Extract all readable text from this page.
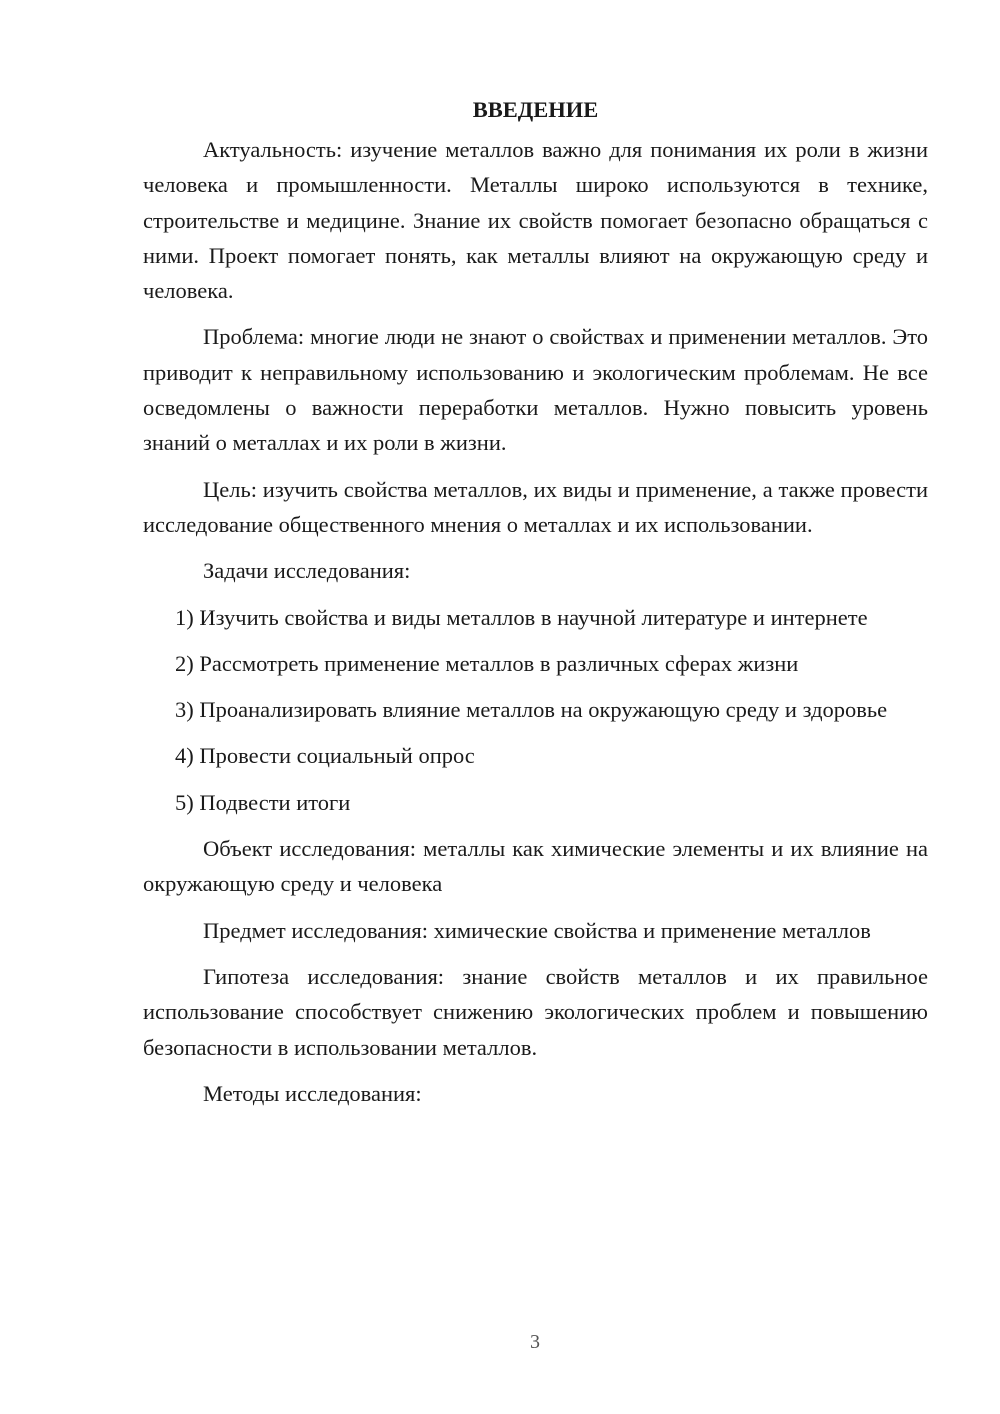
ВВЕДЕНИЕ

Актуальность: изучение металлов важно для понимания их роли в жизни человека и промышленности. Металлы широко используются в технике, строительстве и медицине. Знание их свойств помогает безопасно обращаться с ними. Проект помогает понять, как металлы влияют на окружающую среду и человека.

Проблема: многие люди не знают о свойствах и применении металлов. Это приводит к неправильному использованию и экологическим проблемам. Не все осведомлены о важности переработки металлов. Нужно повысить уровень знаний о металлах и их роли в жизни.

Цель: изучить свойства металлов, их виды и применение, а также провести исследование общественного мнения о металлах и их использовании.

Задачи исследования:

1) Изучить свойства и виды металлов в научной литературе и интернете

2) Рассмотреть применение металлов в различных сферах жизни

3) Проанализировать влияние металлов на окружающую среду и здоровье

4) Провести социальный опрос

5) Подвести итоги

Объект исследования: металлы как химические элементы и их влияние на окружающую среду и человека

Предмет исследования: химические свойства и применение металлов

Гипотеза исследования: знание свойств металлов и их правильное использование способствует снижению экологических проблем и повышению безопасности в использовании металлов.

Методы исследования:

3
